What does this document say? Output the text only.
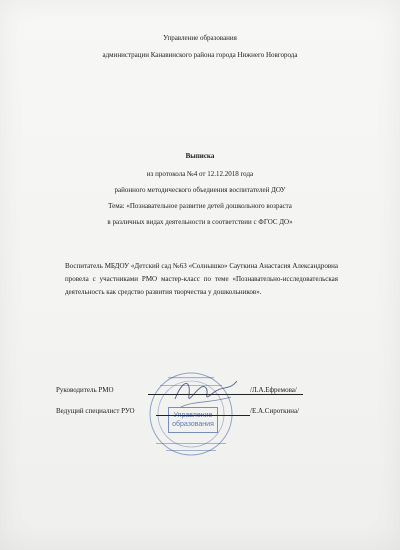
Управление образования
администрации Канавинского района города Нижнего Новгорода
Выписка
из протокола №4 от 12.12.2018 года
районного методического объедиения воспитателей ДОУ
Тема: «Познавательное развитие детей дошкольного возраста
в различных видах деятельности в соответствии с ФГОС ДО»
Воспитатель МБДОУ «Детский сад №63 «Солнышко» Сауткина Анастасия Александровна провела с участниками РМО мастер-класс по теме «Познавательно-исследовательская деятельность как средство развития творчества у дошкольников».
Управление
образования
Руководитель РМО	/Л.А.Ефремова/
Ведущий специалист РУО	/Е.А.Сироткина/
